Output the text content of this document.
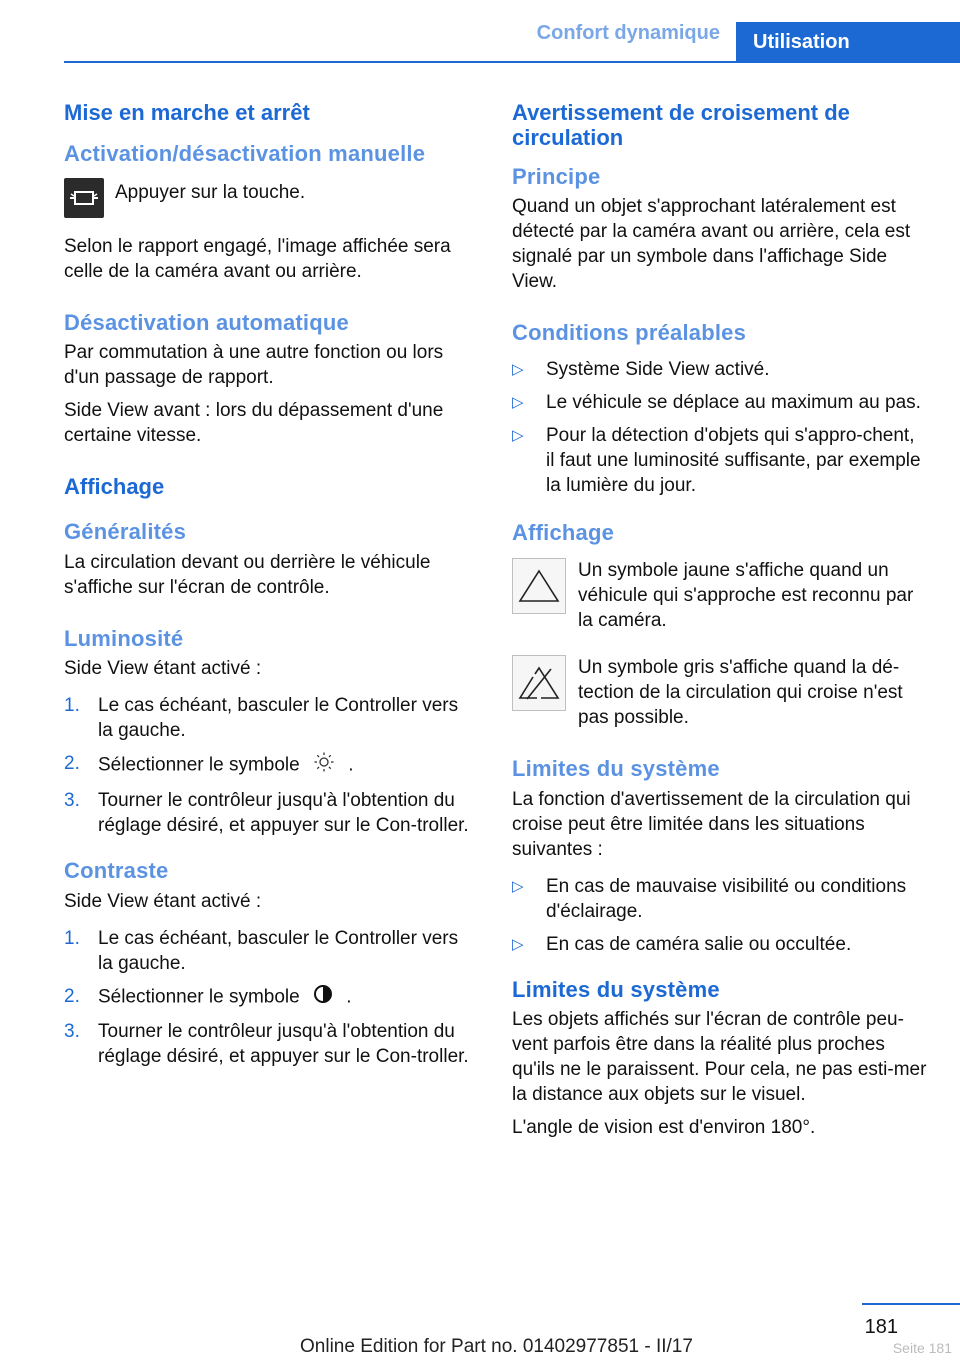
Confort dynamique	Utilisation
Mise en marche et arrêt
Activation/désactivation manuelle
Appuyer sur la touche.

Selon le rapport engagé, l'image affichée sera celle de la caméra avant ou arrière.

Désactivation automatique

Par commutation à une autre fonction ou lors d'un passage de rapport.

Side View avant : lors du dépassement d'une certaine vitesse.

Affichage
Généralités

La circulation devant ou derrière le véhicule s'affiche sur l'écran de contrôle.

Luminosité

Side View étant activé :

1. Le cas échéant, basculer le Controller vers la gauche.
2. Sélectionner le symbole	.
3. Tourner le contrôleur jusqu'à l'obtention du réglage désiré, et appuyer sur le Con‐troller.
Contraste

Side View étant activé :

1. Le cas échéant, basculer le Controller vers la gauche.
2. Sélectionner le symbole .
3. Tourner le contrôleur jusqu'à l'obtention du réglage désiré, et appuyer sur le Con‐troller.
Avertissement de croisement de circulation
Principe

Quand un objet s'approchant latéralement est détecté par la caméra avant ou arrière, cela est signalé par un symbole dans l'affichage Side View.

Conditions préalables
▷ Système Side View activé.
▷ Le véhicule se déplace au maximum au pas.
▷ Pour la détection d'objets qui s'appro‐chent, il faut une luminosité suffisante, par exemple la lumière du jour.
Affichage
Un symbole jaune s'affiche quand un véhicule qui s'approche est reconnu par la caméra.
Un symbole gris s'affiche quand la dé‐tection de la circulation qui croise n'est pas possible.
Limites du système

La fonction d'avertissement de la circulation qui croise peut être limitée dans les situations suivantes :

▷ En cas de mauvaise visibilité ou conditions d'éclairage.
▷ En cas de caméra salie ou occultée.
Limites du système

Les objets affichés sur l'écran de contrôle peu‐vent parfois être dans la réalité plus proches qu'ils ne le paraissent. Pour cela, ne pas esti‐mer la distance aux objets sur le visuel.

L'angle de vision est d'environ 180°.

181
Online Edition for Part no. 01402977851 - II/17	Seite 181
